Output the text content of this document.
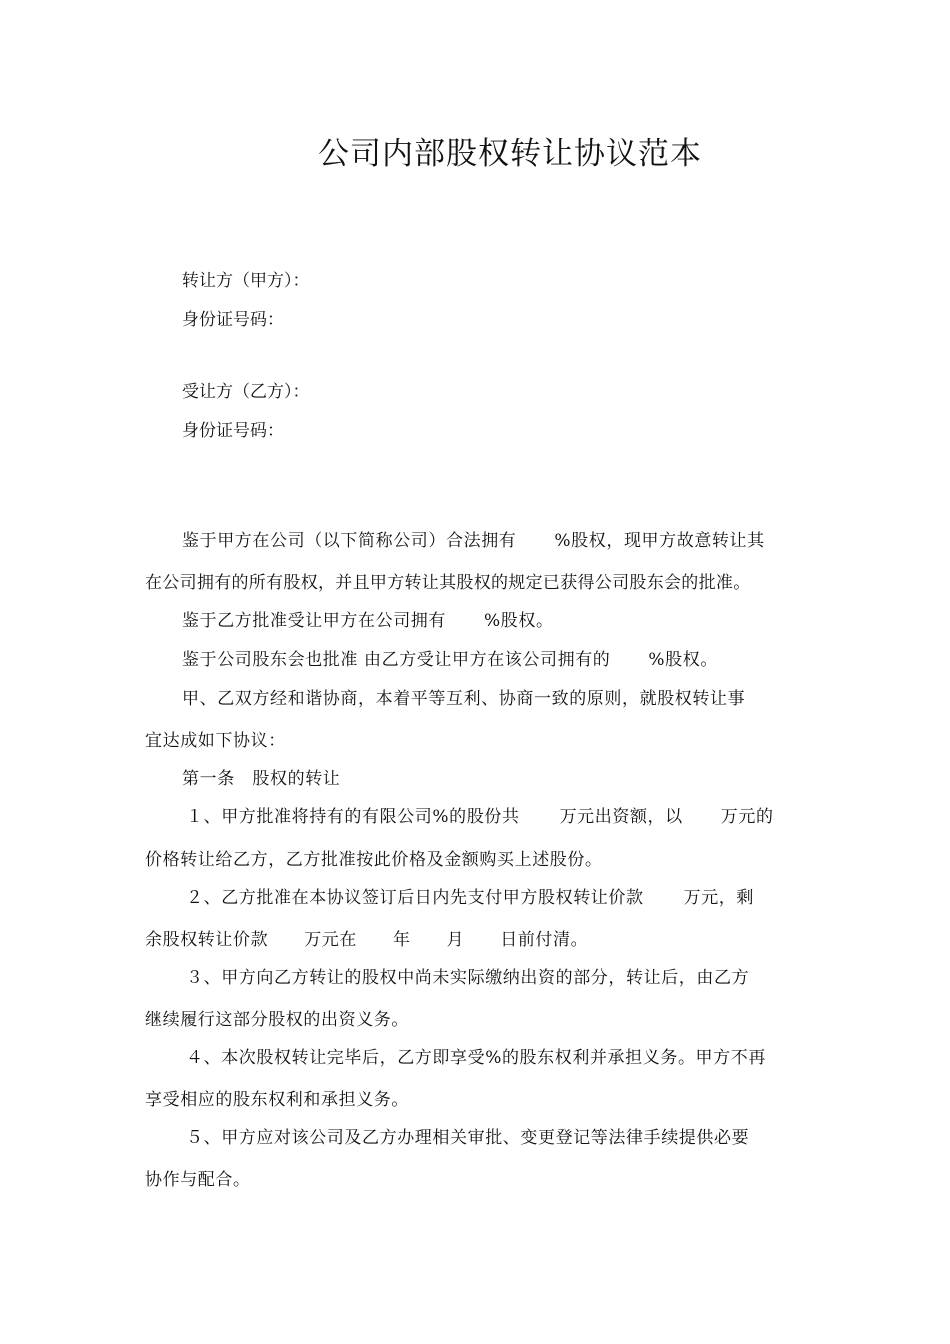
公司内部股权转让协议范本
转让方（甲方）：
身份证号码：
受让方（乙方）：
身份证号码：
鉴于甲方在公司（以下简称公司）合法拥有 %股权，现甲方故意转让其
在公司拥有的所有股权，并且甲方转让其股权的规定已获得公司股东会的批准。
鉴于乙方批准受让甲方在公司拥有 %股权。
鉴于公司股东会也批准 由乙方受让甲方在该公司拥有的 %股权。
甲、乙双方经和谐协商，本着平等互利、协商一致的原则，就股权转让事
宜达成如下协议：
第一条　股权的转让
１、甲方批准将持有的有限公司%的股份共 万元出资额，以 万元的
价格转让给乙方，乙方批准按此价格及金额购买上述股份。
２、乙方批准在本协议签订后日内先支付甲方股权转让价款 万元，剩
余股权转让价款 万元在 年 月 日前付清。
３、甲方向乙方转让的股权中尚未实际缴纳出资的部分，转让后，由乙方
继续履行这部分股权的出资义务。
４、本次股权转让完毕后，乙方即享受%的股东权利并承担义务。甲方不再
享受相应的股东权利和承担义务。
５、甲方应对该公司及乙方办理相关审批、变更登记等法律手续提供必要
协作与配合。
